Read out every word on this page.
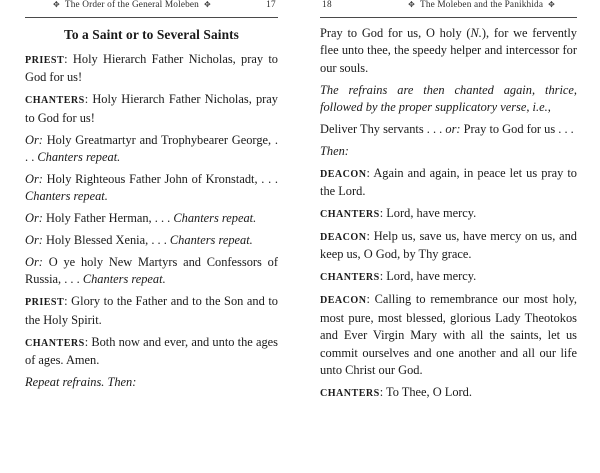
✥ The Order of the General Moleben ✥	17
To a Saint or to Several Saints

PRIEST: Holy Hierarch Father Nicholas, pray to God for us!

CHANTERS: Holy Hierarch Father Nicholas, pray to God for us!

Or: Holy Greatmartyr and Trophybearer George, . . . Chanters repeat.

Or: Holy Righteous Father John of Kronstadt, . . . Chanters repeat.

Or: Holy Father Herman, . . . Chanters repeat.

Or: Holy Blessed Xenia, . . . Chanters repeat.

Or: O ye holy New Martyrs and Confessors of Russia, . . . Chanters repeat.

PRIEST: Glory to the Father and to the Son and to the Holy Spirit.

CHANTERS: Both now and ever, and unto the ages of ages. Amen.

Repeat refrains. Then:

18	✥ The Moleben and the Panikhida ✥

Pray to God for us, O holy (N.), for we fervently flee unto thee, the speedy helper and intercessor for our souls.

The refrains are then chanted again, thrice, followed by the proper supplicatory verse, i.e.,

Deliver Thy servants . . . or: Pray to God for us . . .

Then:

DEACON: Again and again, in peace let us pray to the Lord.

CHANTERS: Lord, have mercy.

DEACON: Help us, save us, have mercy on us, and keep us, O God, by Thy grace.

CHANTERS: Lord, have mercy.

DEACON: Calling to remembrance our most holy, most pure, most blessed, glorious Lady Theotokos and Ever Virgin Mary with all the saints, let us commit ourselves and one another and all our life unto Christ our God.

CHANTERS: To Thee, O Lord.
